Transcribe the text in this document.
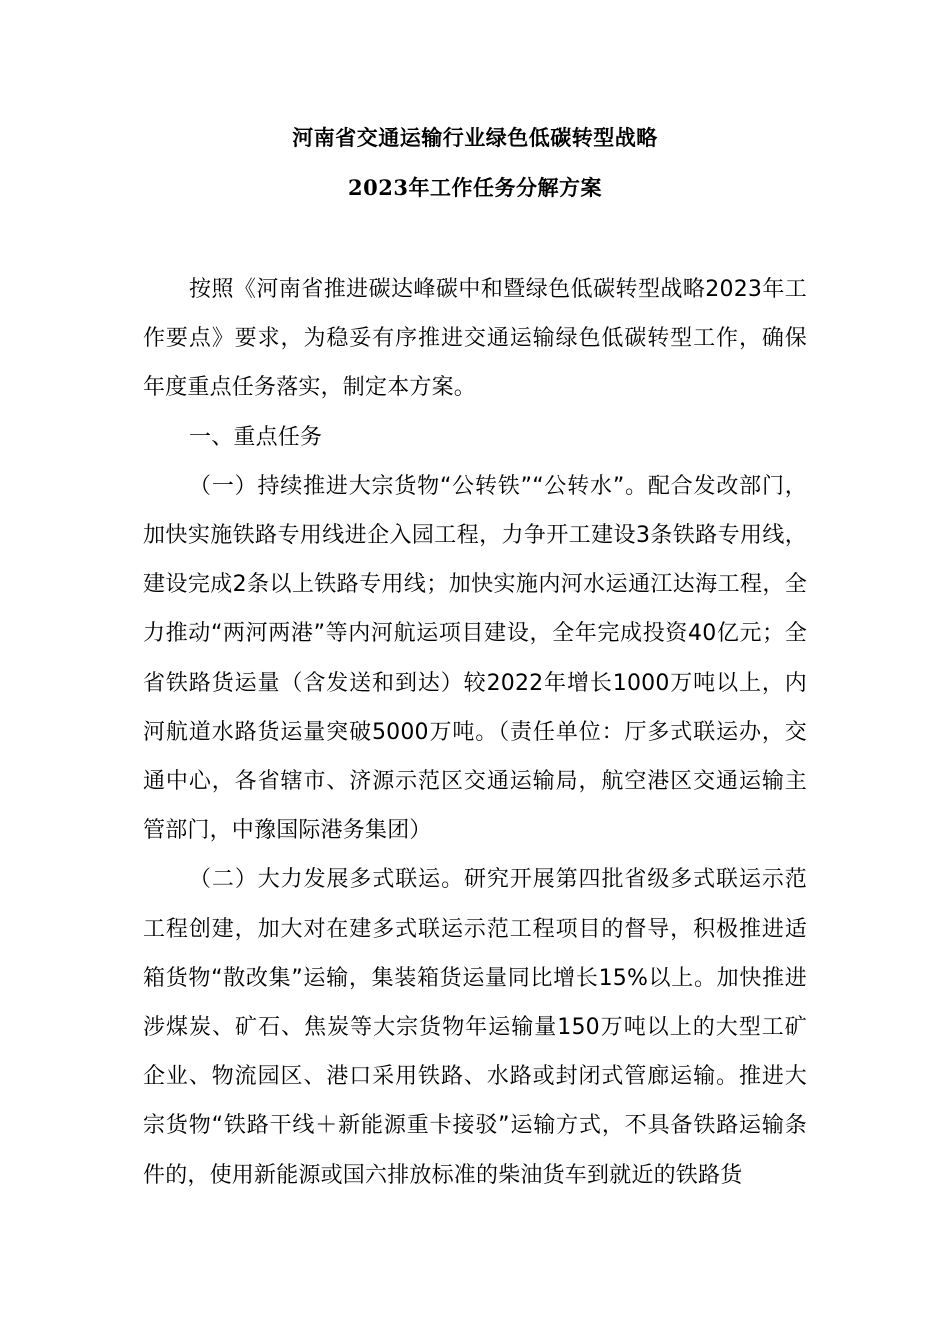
河南省交通运输行业绿色低碳转型战略
2023年工作任务分解方案

按照《河南省推进碳达峰碳中和暨绿色低碳转型战略2023年工作要点》要求，为稳妥有序推进交通运输绿色低碳转型工作，确保年度重点任务落实，制定本方案。

一、重点任务

（一）持续推进大宗货物“公转铁”“公转水”。配合发改部门，加快实施铁路专用线进企入园工程，力争开工建设3条铁路专用线，建设完成2条以上铁路专用线；加快实施内河水运通江达海工程，全力推动“两河两港”等内河航运项目建设，全年完成投资40亿元；全省铁路货运量（含发送和到达）较2022年增长1000万吨以上，内河航道水路货运量突破5000万吨。（责任单位：厅多式联运办，交通中心，各省辖市、济源示范区交通运输局，航空港区交通运输主管部门，中豫国际港务集团）

（二）大力发展多式联运。研究开展第四批省级多式联运示范工程创建，加大对在建多式联运示范工程项目的督导，积极推进适箱货物“散改集”运输，集装箱货运量同比增长15%以上。加快推进涉煤炭、矿石、焦炭等大宗货物年运输量150万吨以上的大型工矿企业、物流园区、港口采用铁路、水路或封闭式管廊运输。推进大宗货物“铁路干线＋新能源重卡接驳”运输方式，不具备铁路运输条件的，使用新能源或国六排放标准的柴油货车到就近的铁路货
